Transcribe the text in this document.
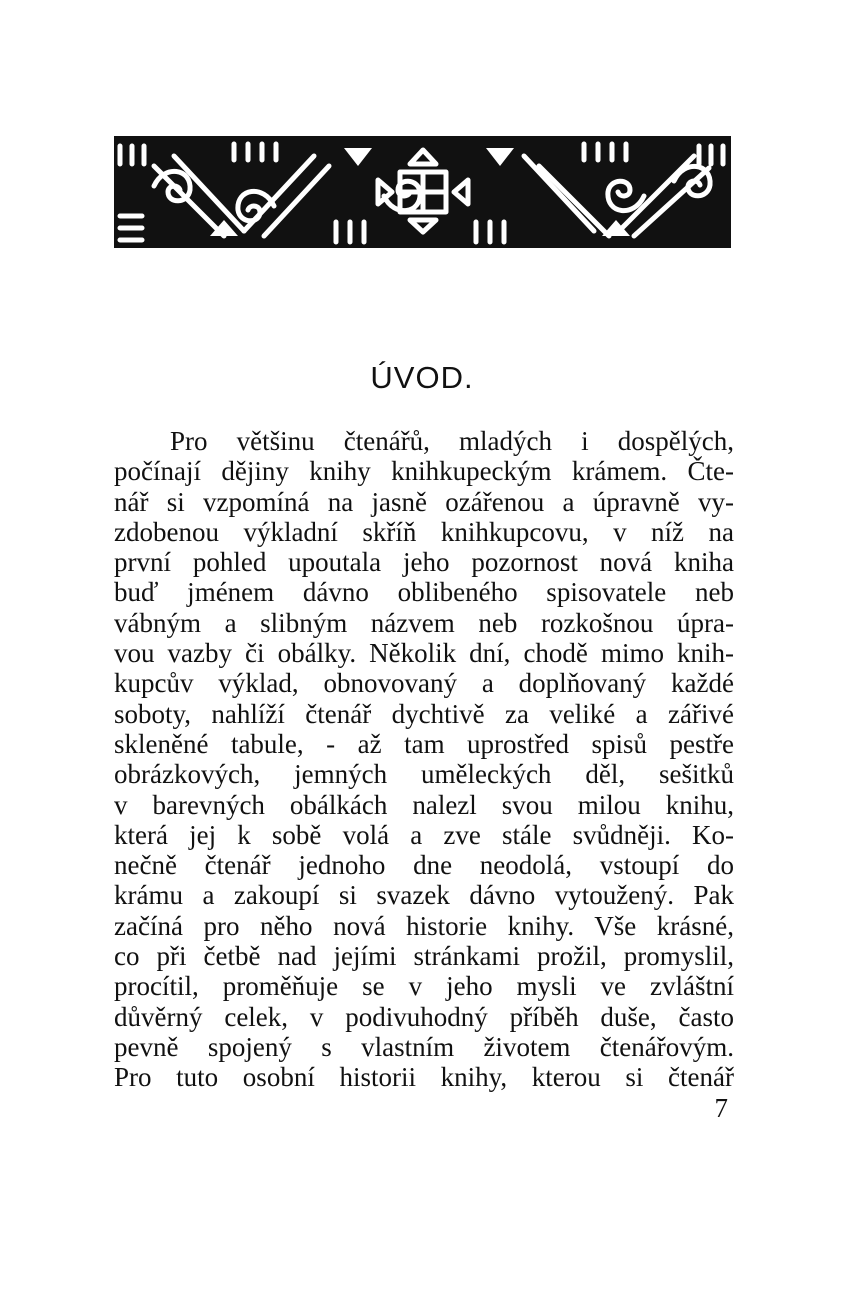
ÚVOD.
Pro většinu čtenářů, mladých i dospělých,
počínají dějiny knihy knihkupeckým krámem. Čte-
nář si vzpomíná na jasně ozářenou a úpravně vy-
zdobenou výkladní skříň knihkupcovu, v níž na
první pohled upoutala jeho pozornost nová kniha
buď jménem dávno oblibeného spisovatele neb
vábným a slibným názvem neb rozkošnou úpra-
vou vazby či obálky. Několik dní, chodě mimo knih-
kupcův výklad, obnovovaný a doplňovaný každé
soboty, nahlíží čtenář dychtivě za veliké a zářivé
skleněné tabule, - až tam uprostřed spisů pestře
obrázkových, jemných uměleckých děl, sešitků
v barevných obálkách nalezl svou milou knihu,
která jej k sobě volá a zve stále svůdněji. Ko-
nečně čtenář jednoho dne neodolá, vstoupí do
krámu a zakoupí si svazek dávno vytoužený. Pak
začíná pro něho nová historie knihy. Vše krásné,
co při četbě nad jejími stránkami prožil, promyslil,
procítil, proměňuje se v jeho mysli ve zvláštní
důvěrný celek, v podivuhodný příběh duše, často
pevně spojený s vlastním životem čtenářovým.
Pro tuto osobní historii knihy, kterou si čtenář
7
